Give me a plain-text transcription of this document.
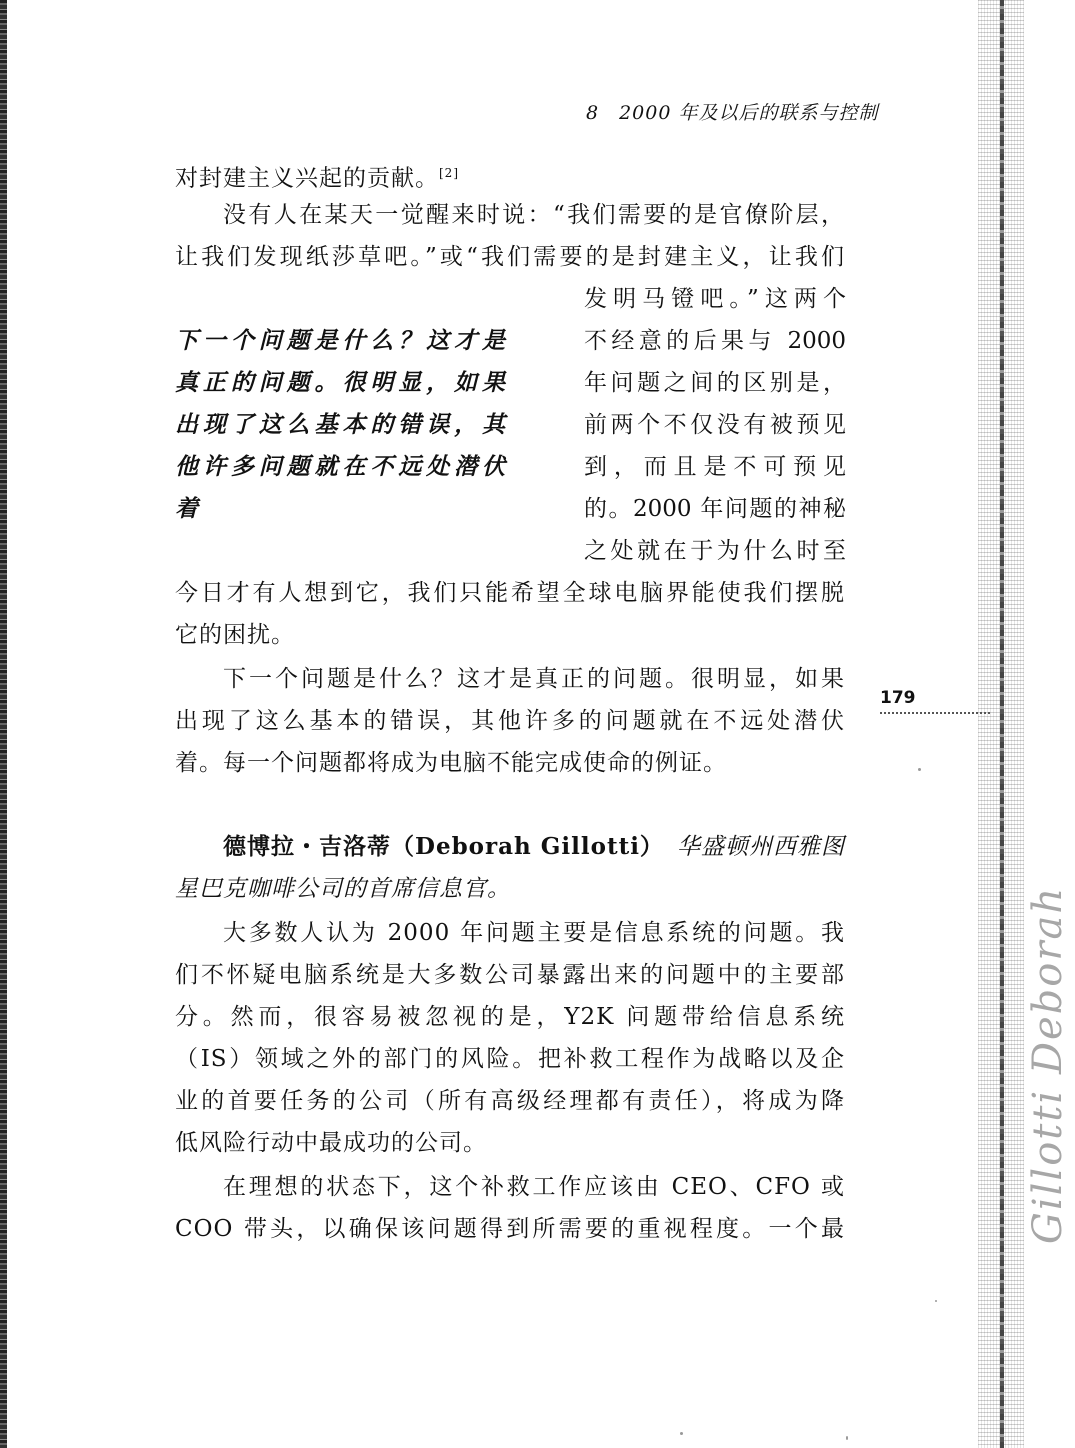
8　2000 年及以后的联系与控制
对封建主义兴起的贡献。[2]
没有人在某天一觉醒来时说：“我们需要的是官僚阶层，
让我们发现纸莎草吧。”或“我们需要的是封建主义，让我们
发明马镫吧。”这两个
下一个问题是什么？这才是
真正的问题。很明显，如果
出现了这么基本的错误，其
他许多问题就在不远处潜伏
着
不经意的后果与 2000
年问题之间的区别是，
前两个不仅没有被预见
到，而且是不可预见
的。2000 年问题的神秘
之处就在于为什么时至
今日才有人想到它，我们只能希望全球电脑界能使我们摆脱
它的困扰。
下一个问题是什么？这才是真正的问题。很明显，如果
出现了这么基本的错误，其他许多的问题就在不远处潜伏
着。每一个问题都将成为电脑不能完成使命的例证。
德博拉・吉洛蒂（Deborah Gillotti） 华盛顿州西雅图
星巴克咖啡公司的首席信息官。
大多数人认为 2000 年问题主要是信息系统的问题。我
们不怀疑电脑系统是大多数公司暴露出来的问题中的主要部
分。然而，很容易被忽视的是，Y2K 问题带给信息系统
（IS）领域之外的部门的风险。把补救工程作为战略以及企
业的首要任务的公司（所有高级经理都有责任），将成为降
低风险行动中最成功的公司。
在理想的状态下，这个补救工作应该由 CEO、CFO 或
COO 带头，以确保该问题得到所需要的重视程度。一个最
179
Gillotti Deborah
